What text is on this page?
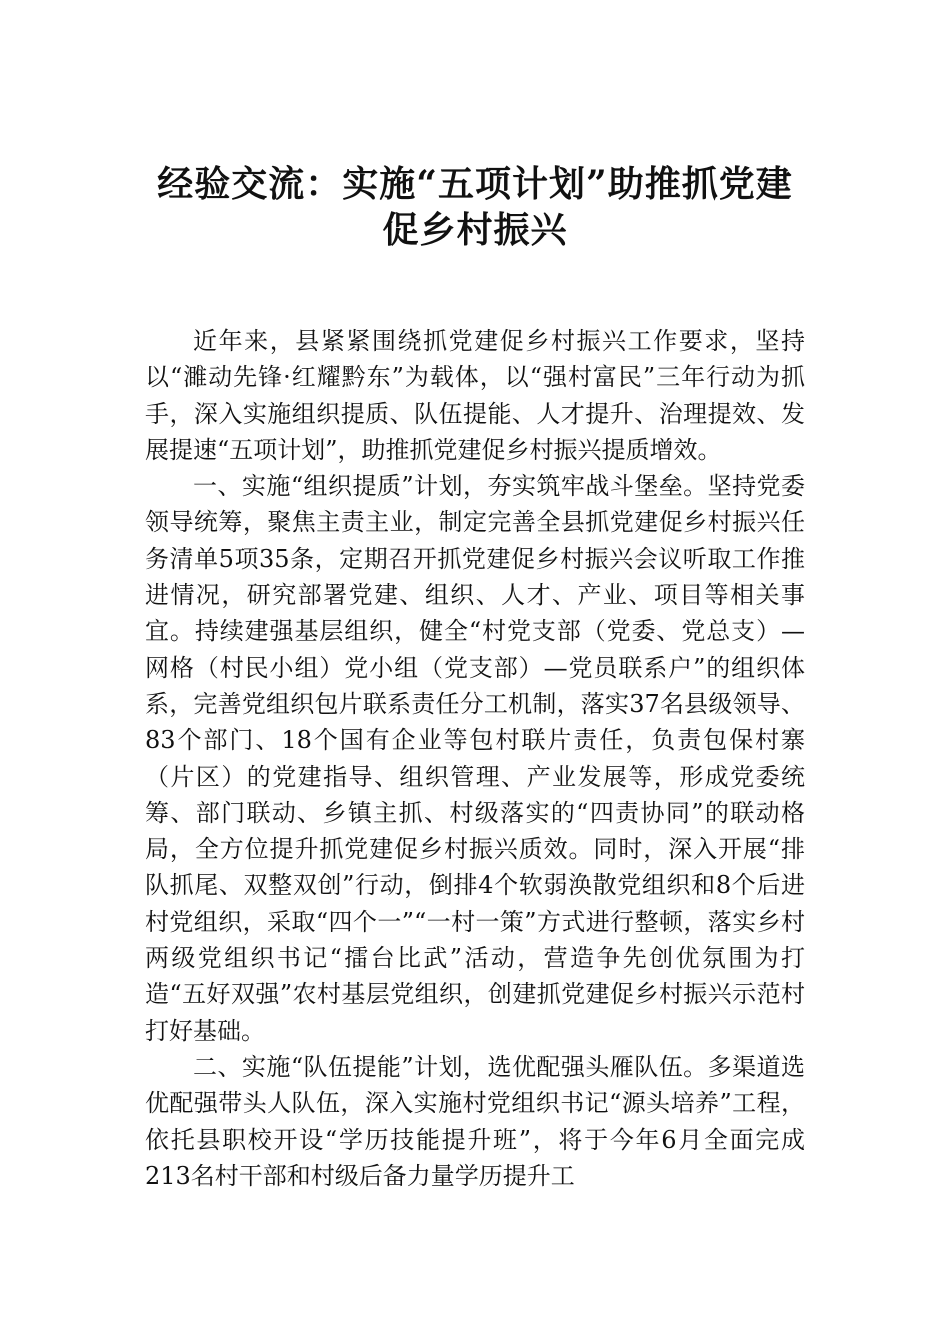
经验交流：实施“五项计划”助推抓党建
促乡村振兴

近年来，县紧紧围绕抓党建促乡村振兴工作要求，坚持以“濉动先锋·红耀黔东”为载体，以“强村富民”三年行动为抓手，深入实施组织提质、队伍提能、人才提升、治理提效、发展提速“五项计划”，助推抓党建促乡村振兴提质增效。

一、实施“组织提质”计划，夯实筑牢战斗堡垒。坚持党委领导统筹，聚焦主责主业，制定完善全县抓党建促乡村振兴任务清单5项35条，定期召开抓党建促乡村振兴会议听取工作推进情况，研究部署党建、组织、人才、产业、项目等相关事宜。持续建强基层组织，健全“村党支部（党委、党总支）—网格（村民小组）党小组（党支部）—党员联系户”的组织体系，完善党组织包片联系责任分工机制，落实37名县级领导、83个部门、18个国有企业等包村联片责任，负责包保村寨（片区）的党建指导、组织管理、产业发展等，形成党委统筹、部门联动、乡镇主抓、村级落实的“四责协同”的联动格局，全方位提升抓党建促乡村振兴质效。同时，深入开展“排队抓尾、双整双创”行动，倒排4个软弱涣散党组织和8个后进村党组织，采取“四个一”“一村一策”方式进行整顿，落实乡村两级党组织书记“擂台比武”活动，营造争先创优氛围为打造“五好双强”农村基层党组织，创建抓党建促乡村振兴示范村打好基础。

二、实施“队伍提能”计划，选优配强头雁队伍。多渠道选优配强带头人队伍，深入实施村党组织书记“源头培养”工程，依托县职校开设“学历技能提升班”，将于今年6月全面完成213名村干部和村级后备力量学历提升工
